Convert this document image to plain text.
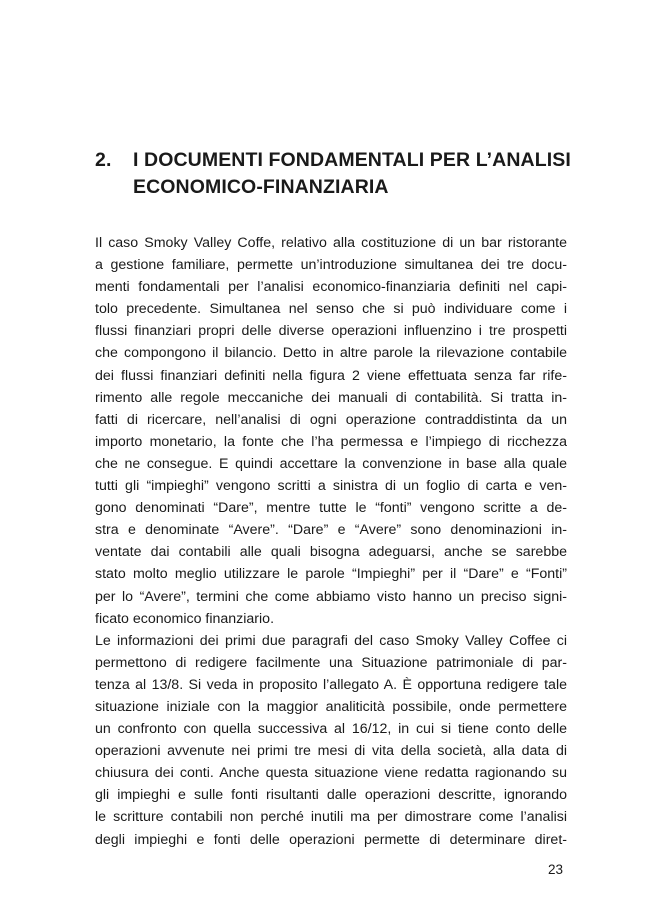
2.	I DOCUMENTI FONDAMENTALI PER L’ANALISI
ECONOMICO-FINANZIARIA
Il caso Smoky Valley Coffe, relativo alla costituzione di un bar ristorante
a gestione familiare, permette un’introduzione simultanea dei tre docu-
menti fondamentali per l’analisi economico-finanziaria definiti nel capi-
tolo precedente. Simultanea nel senso che si può individuare come i
flussi finanziari propri delle diverse operazioni influenzino i tre prospetti
che compongono il bilancio. Detto in altre parole la rilevazione contabile
dei flussi finanziari definiti nella figura 2 viene effettuata senza far rife-
rimento alle regole meccaniche dei manuali di contabilità. Si tratta in-
fatti di ricercare, nell’analisi di ogni operazione contraddistinta da un
importo monetario, la fonte che l’ha permessa e l’impiego di ricchezza
che ne consegue. E quindi accettare la convenzione in base alla quale
tutti gli “impieghi” vengono scritti a sinistra di un foglio di carta e ven-
gono denominati “Dare”, mentre tutte le “fonti” vengono scritte a de-
stra e denominate “Avere”. “Dare” e “Avere” sono denominazioni in-
ventate dai contabili alle quali bisogna adeguarsi, anche se sarebbe
stato molto meglio utilizzare le parole “Impieghi” per il “Dare” e “Fonti”
per lo “Avere”, termini che come abbiamo visto hanno un preciso signi-
ficato economico finanziario.
Le informazioni dei primi due paragrafi del caso Smoky Valley Coffee ci
permettono di redigere facilmente una Situazione patrimoniale di par-
tenza al 13/8. Si veda in proposito l’allegato A. È opportuna redigere tale
situazione iniziale con la maggior analiticità possibile, onde permettere
un confronto con quella successiva al 16/12, in cui si tiene conto delle
operazioni avvenute nei primi tre mesi di vita della società, alla data di
chiusura dei conti. Anche questa situazione viene redatta ragionando su
gli impieghi e sulle fonti risultanti dalle operazioni descritte, ignorando
le scritture contabili non perché inutili ma per dimostrare come l’analisi
degli impieghi e fonti delle operazioni permette di determinare diret-
23
